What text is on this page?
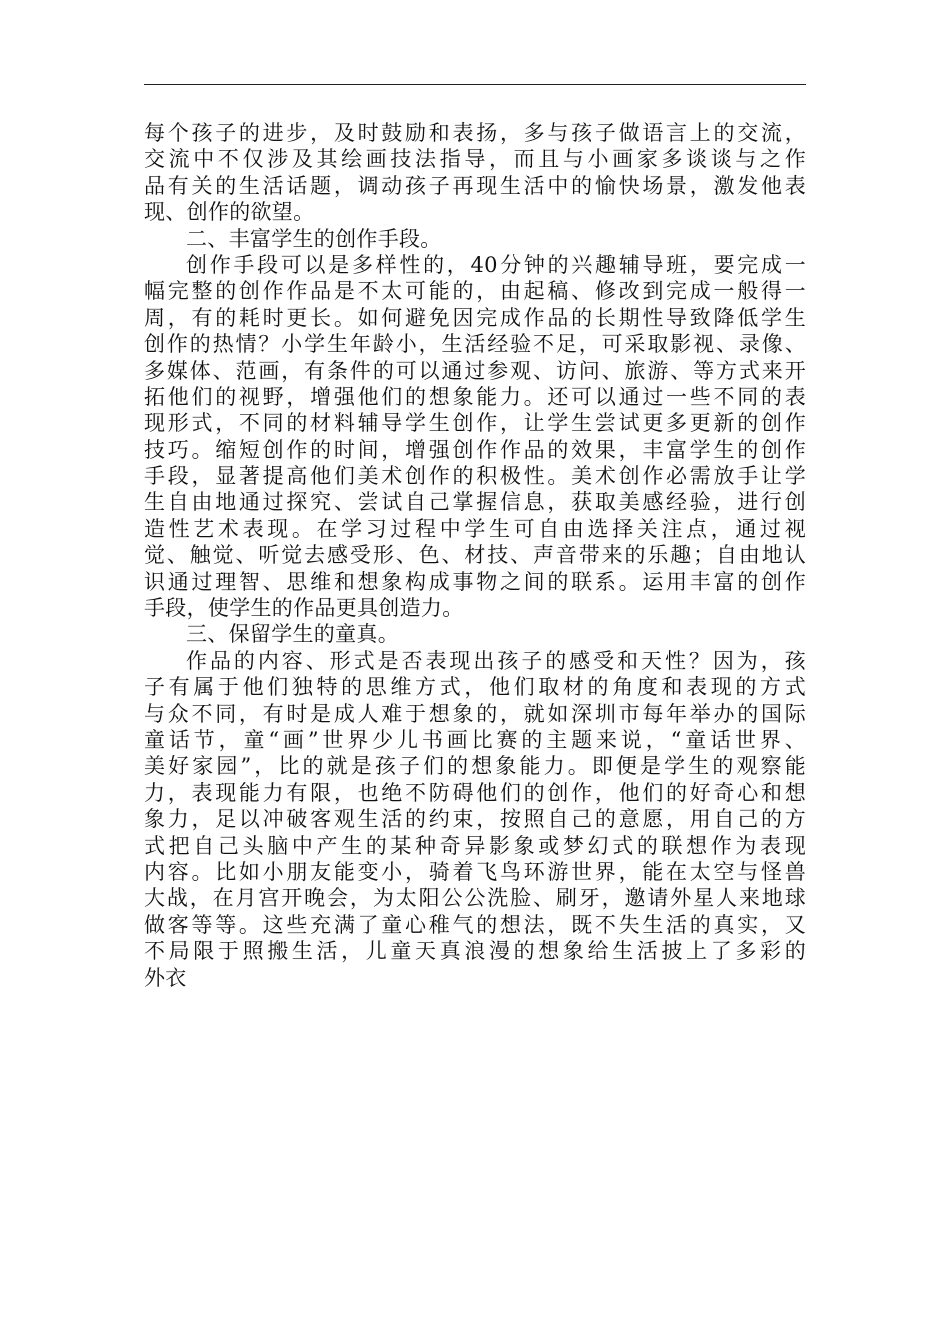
每个孩子的进步，及时鼓励和表扬，多与孩子做语言上的交流，
交流中不仅涉及其绘画技法指导，而且与小画家多谈谈与之作
品有关的生活话题，调动孩子再现生活中的愉快场景，激发他表
现、创作的欲望。
二、丰富学生的创作手段。
创作手段可以是多样性的，40分钟的兴趣辅导班，要完成一
幅完整的创作作品是不太可能的，由起稿、修改到完成一般得一
周，有的耗时更长。如何避免因完成作品的长期性导致降低学生
创作的热情？小学生年龄小，生活经验不足，可采取影视、录像、
多媒体、范画，有条件的可以通过参观、访问、旅游、等方式来开
拓他们的视野，增强他们的想象能力。还可以通过一些不同的表
现形式，不同的材料辅导学生创作，让学生尝试更多更新的创作
技巧。缩短创作的时间，增强创作作品的效果，丰富学生的创作
手段，显著提高他们美术创作的积极性。美术创作必需放手让学
生自由地通过探究、尝试自己掌握信息，获取美感经验，进行创
造性艺术表现。在学习过程中学生可自由选择关注点，通过视
觉、触觉、听觉去感受形、色、材技、声音带来的乐趣；自由地认
识通过理智、思维和想象构成事物之间的联系。运用丰富的创作
手段，使学生的作品更具创造力。
三、保留学生的童真。
作品的内容、形式是否表现出孩子的感受和天性？因为，孩
子有属于他们独特的思维方式，他们取材的角度和表现的方式
与众不同，有时是成人难于想象的，就如深圳市每年举办的国际
童话节，童“画”世界少儿书画比赛的主题来说，“童话世界、
美好家园”，比的就是孩子们的想象能力。即便是学生的观察能
力，表现能力有限，也绝不防碍他们的创作，他们的好奇心和想
象力，足以冲破客观生活的约束，按照自己的意愿，用自己的方
式把自己头脑中产生的某种奇异影象或梦幻式的联想作为表现
内容。比如小朋友能变小，骑着飞鸟环游世界，能在太空与怪兽
大战，在月宫开晚会，为太阳公公洗脸、刷牙，邀请外星人来地球
做客等等。这些充满了童心稚气的想法，既不失生活的真实，又
不局限于照搬生活，儿童天真浪漫的想象给生活披上了多彩的
外衣
